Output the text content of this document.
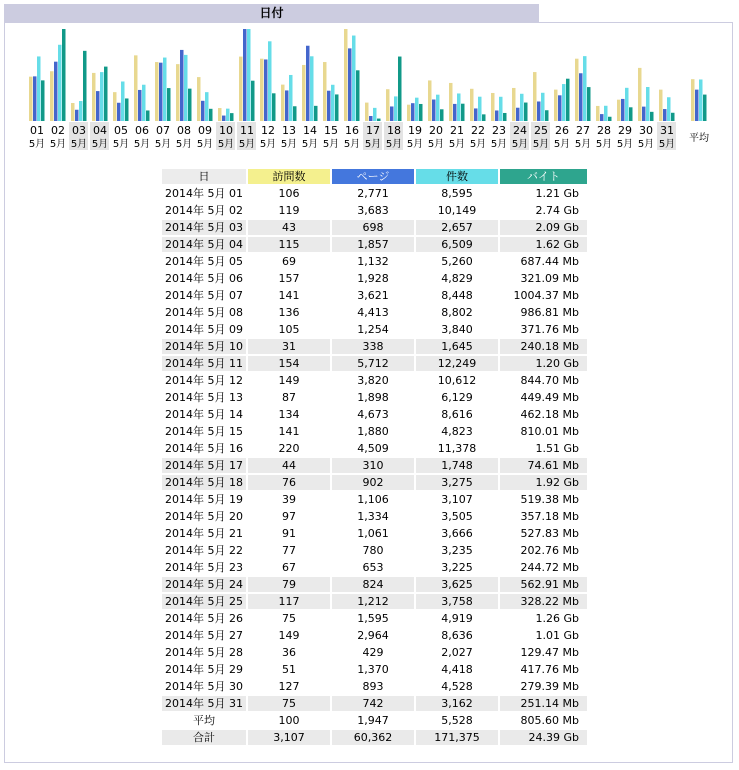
日付
01
5月
02
5月
03
5月
04
5月
05
5月
06
5月
07
5月
08
5月
09
5月
10
5月
11
5月
12
5月
13
5月
14
5月
15
5月
16
5月
17
5月
18
5月
19
5月
20
5月
21
5月
22
5月
23
5月
24
5月
25
5月
26
5月
27
5月
28
5月
29
5月
30
5月
31
5月
平均
日	訪問数	ページ	件数	バイト
2014年 5月 01	106	2,771	8,595	1.21 Gb
2014年 5月 02	119	3,683	10,149	2.74 Gb
2014年 5月 03	43	698	2,657	2.09 Gb
2014年 5月 04	115	1,857	6,509	1.62 Gb
2014年 5月 05	69	1,132	5,260	687.44 Mb
2014年 5月 06	157	1,928	4,829	321.09 Mb
2014年 5月 07	141	3,621	8,448	1004.37 Mb
2014年 5月 08	136	4,413	8,802	986.81 Mb
2014年 5月 09	105	1,254	3,840	371.76 Mb
2014年 5月 10	31	338	1,645	240.18 Mb
2014年 5月 11	154	5,712	12,249	1.20 Gb
2014年 5月 12	149	3,820	10,612	844.70 Mb
2014年 5月 13	87	1,898	6,129	449.49 Mb
2014年 5月 14	134	4,673	8,616	462.18 Mb
2014年 5月 15	141	1,880	4,823	810.01 Mb
2014年 5月 16	220	4,509	11,378	1.51 Gb
2014年 5月 17	44	310	1,748	74.61 Mb
2014年 5月 18	76	902	3,275	1.92 Gb
2014年 5月 19	39	1,106	3,107	519.38 Mb
2014年 5月 20	97	1,334	3,505	357.18 Mb
2014年 5月 21	91	1,061	3,666	527.83 Mb
2014年 5月 22	77	780	3,235	202.76 Mb
2014年 5月 23	67	653	3,225	244.72 Mb
2014年 5月 24	79	824	3,625	562.91 Mb
2014年 5月 25	117	1,212	3,758	328.22 Mb
2014年 5月 26	75	1,595	4,919	1.26 Gb
2014年 5月 27	149	2,964	8,636	1.01 Gb
2014年 5月 28	36	429	2,027	129.47 Mb
2014年 5月 29	51	1,370	4,418	417.76 Mb
2014年 5月 30	127	893	4,528	279.39 Mb
2014年 5月 31	75	742	3,162	251.14 Mb
平均	100	1,947	5,528	805.60 Mb
合計	3,107	60,362	171,375	24.39 Gb
